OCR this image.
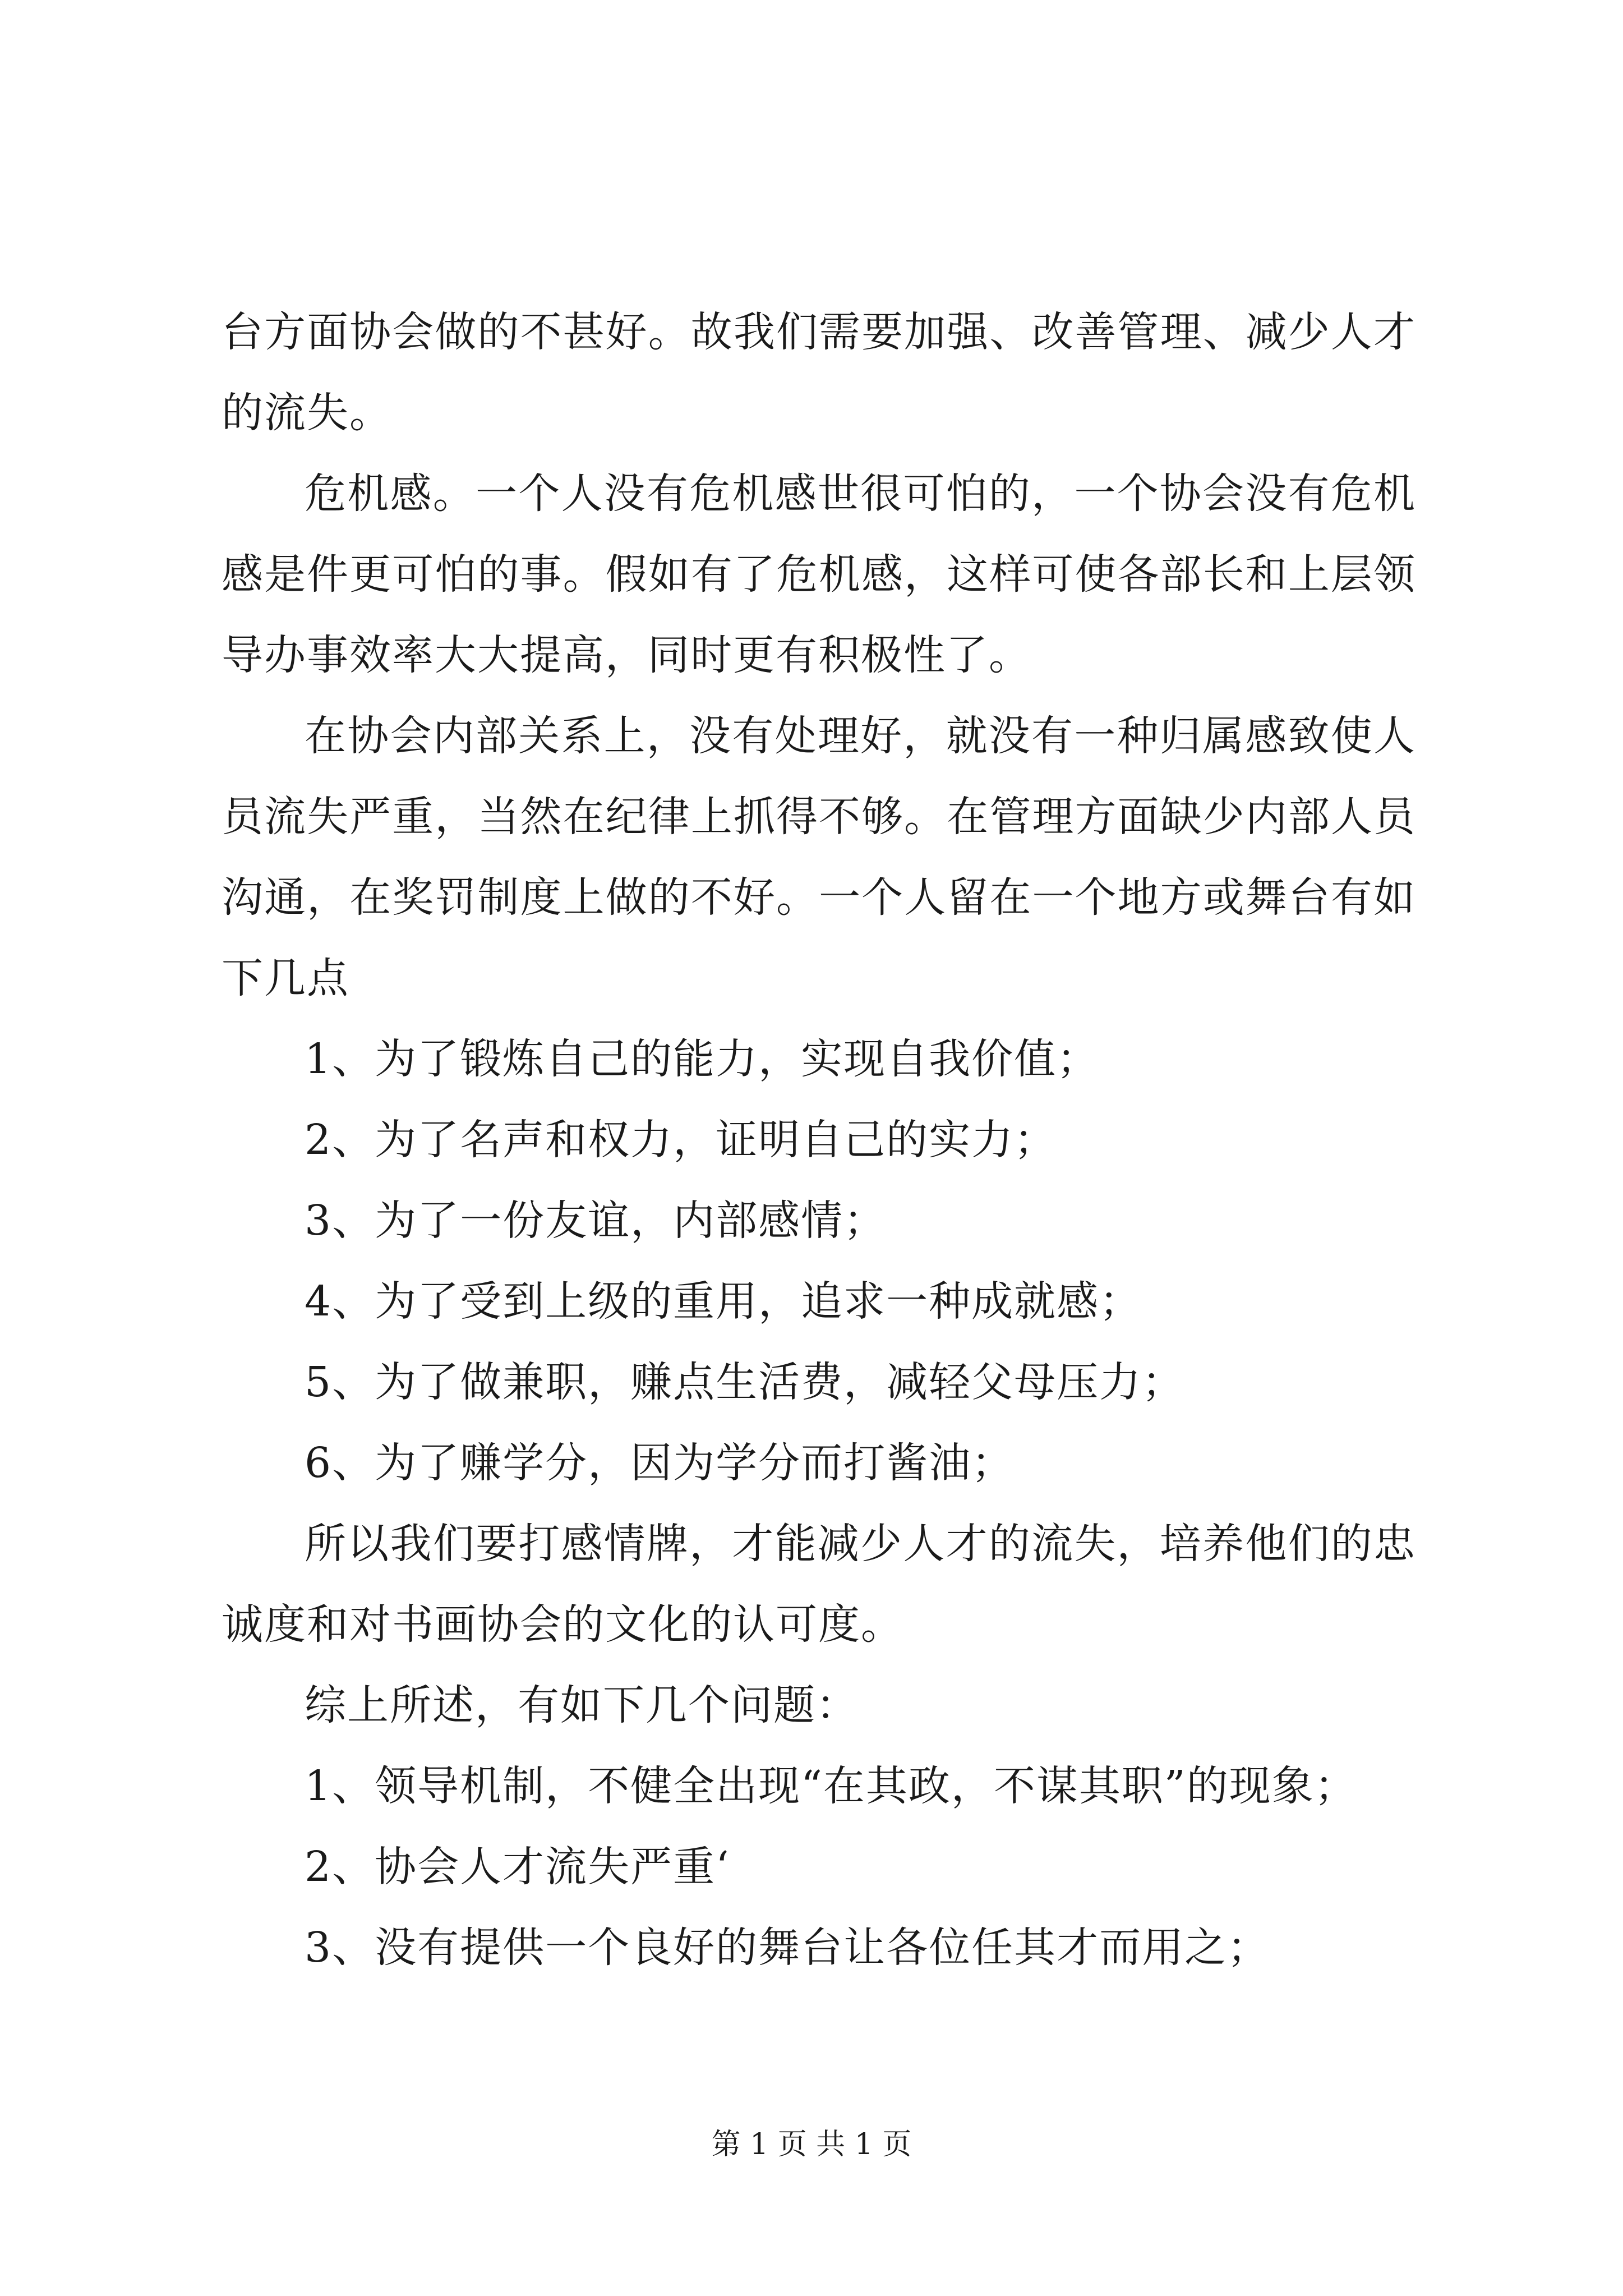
台方面协会做的不甚好。故我们需要加强、改善管理、减少人才的流失。

危机感。一个人没有危机感世很可怕的，一个协会没有危机感是件更可怕的事。假如有了危机感，这样可使各部长和上层领导办事效率大大提高，同时更有积极性了。

在协会内部关系上，没有处理好，就没有一种归属感致使人员流失严重，当然在纪律上抓得不够。在管理方面缺少内部人员沟通，在奖罚制度上做的不好。一个人留在一个地方或舞台有如下几点

1、为了锻炼自己的能力，实现自我价值；

2、为了名声和权力，证明自己的实力；

3、为了一份友谊，内部感情；

4、为了受到上级的重用，追求一种成就感；

5、为了做兼职，赚点生活费，减轻父母压力；

6、为了赚学分，因为学分而打酱油；

所以我们要打感情牌，才能减少人才的流失，培养他们的忠诚度和对书画协会的文化的认可度。

综上所述，有如下几个问题：

1、领导机制，不健全出现“在其政，不谋其职”的现象；

2、协会人才流失严重‘

3、没有提供一个良好的舞台让各位任其才而用之；

第 1 页 共 1 页
